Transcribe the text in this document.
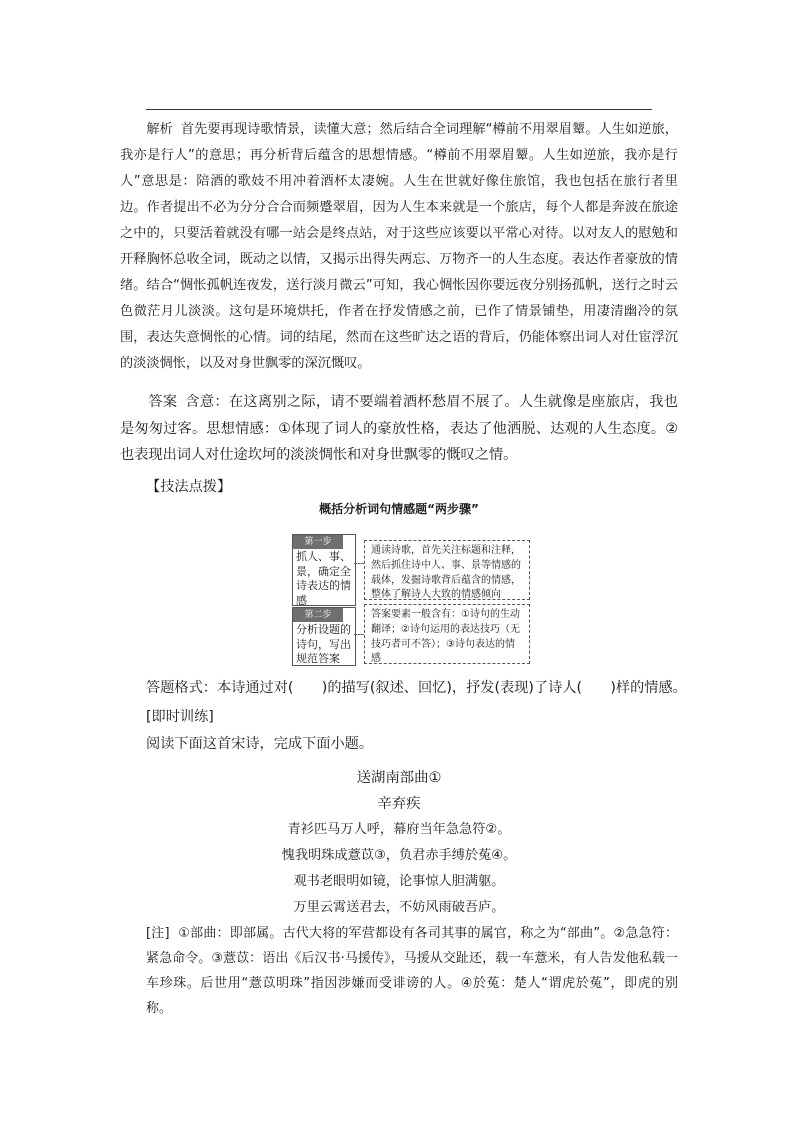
解析 首先要再现诗歌情景，读懂大意；然后结合全词理解“樽前不用翠眉颦。人生如逆旅，我亦是行人”的意思；再分析背后蕴含的思想情感。“樽前不用翠眉颦。人生如逆旅，我亦是行人”意思是：陪酒的歌妓不用冲着酒杯太凄婉。人生在世就好像住旅馆，我也包括在旅行者里边。作者提出不必为分分合合而频蹙翠眉，因为人生本来就是一个旅店，每个人都是奔波在旅途之中的，只要活着就没有哪一站会是终点站，对于这些应该要以平常心对待。以对友人的慰勉和开释胸怀总收全词，既动之以情，又揭示出得失两忘、万物齐一的人生态度。表达作者豪放的情绪。结合“惆怅孤帆连夜发，送行淡月微云”可知，我心惆怅因你要远夜分别扬孤帆，送行之时云色微茫月儿淡淡。这句是环境烘托，作者在抒发情感之前，已作了情景铺垫，用凄清幽冷的氛围，表达失意惆怅的心情。词的结尾，然而在这些旷达之语的背后，仍能体察出词人对仕宦浮沉的淡淡惆怅，以及对身世飘零的深沉慨叹。

答案 含意：在这离别之际，请不要端着酒杯愁眉不展了。人生就像是座旅店，我也是匆匆过客。思想情感：①体现了词人的豪放性格，表达了他洒脱、达观的人生态度。②也表现出词人对仕途坎坷的淡淡惆怅和对身世飘零的慨叹之情。

【技法点拨】
概括分析词句情感题“两步骤”
第一步
抓人、事、景，确定全诗表达的情感
通读诗歌，首先关注标题和注释，然后抓住诗中人、事、景等情感的载体，发掘诗歌背后蕴含的情感，整体了解诗人大致的情感倾向
第二步
分析设题的诗句，写出规范答案
答案要素一般含有：①诗句的生动翻译；②诗句运用的表达技巧（无技巧者可不答）；③诗句表达的情感
答题格式：本诗通过对(　　)的描写(叙述、回忆)，抒发(表现)了诗人(　　)样的情感。
[即时训练]
阅读下面这首宋诗，完成下面小题。
送湖南部曲①
辛弃疾
青衫匹马万人呼，幕府当年急急符②。
愧我明珠成薏苡③，负君赤手缚於菟④。
观书老眼明如镜，论事惊人胆满躯。
万里云霄送君去，不妨风雨破吾庐。
[注] ①部曲：即部属。古代大将的军营都设有各司其事的属官，称之为“部曲”。②急急符：紧急命令。③薏苡：语出《后汉书·马援传》，马援从交趾还，载一车薏米，有人告发他私载一车珍珠。后世用“薏苡明珠”指因涉嫌而受诽谤的人。④於菟：楚人“谓虎於菟”，即虎的别称。
